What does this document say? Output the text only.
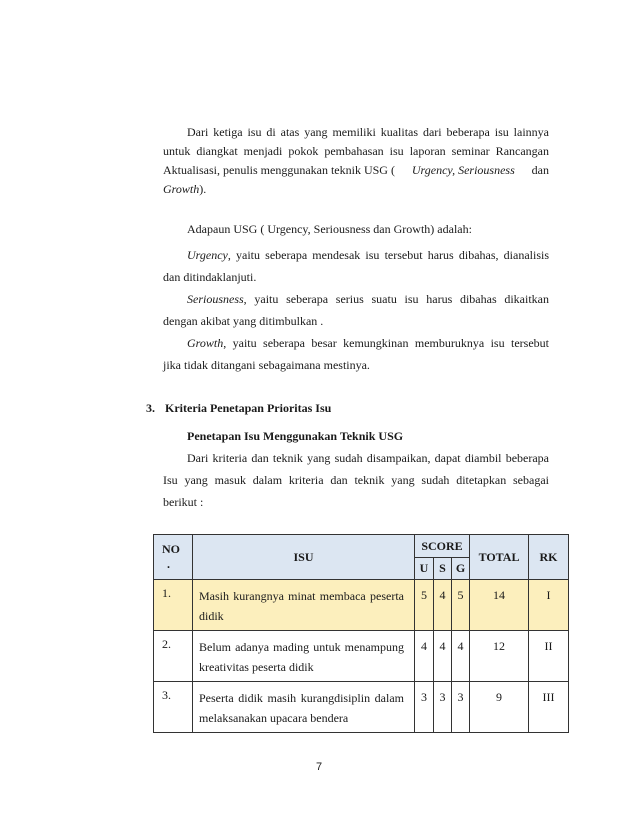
Dari ketiga isu di atas yang memiliki kualitas dari beberapa isu lainnya
untuk diangkat menjadi pokok pembahasan isu laporan seminar Rancangan
Aktualisasi, penulis menggunakan teknik USG ( Urgency, Seriousness dan
Growth).
Adapaun USG ( Urgency, Seriousness dan Growth) adalah:
Urgency, yaitu seberapa mendesak isu tersebut harus dibahas, dianalisis
dan ditindaklanjuti.
Seriousness, yaitu seberapa serius suatu isu harus dibahas dikaitkan
dengan akibat yang ditimbulkan .
Growth, yaitu seberapa besar kemungkinan memburuknya isu tersebut
jika tidak ditangani sebagaimana mestinya.
3. Kriteria Penetapan Prioritas Isu
Penetapan Isu Menggunakan Teknik USG
Dari kriteria dan teknik yang sudah disampaikan, dapat diambil beberapa
Isu yang masuk dalam kriteria dan teknik yang sudah ditetapkan sebagai
berikut :
NO
.	ISU	SCORE			TOTAL	RK
		U	S	G		
1.	Masih kurangnya minat membaca peserta didik	5	4	5	14	I
2.	Belum adanya mading untuk menampung kreativitas peserta didik	4	4	4	12	II
3.	Peserta didik masih kurangdisiplin dalam melaksanakan upacara bendera	3	3	3	9	III
7
